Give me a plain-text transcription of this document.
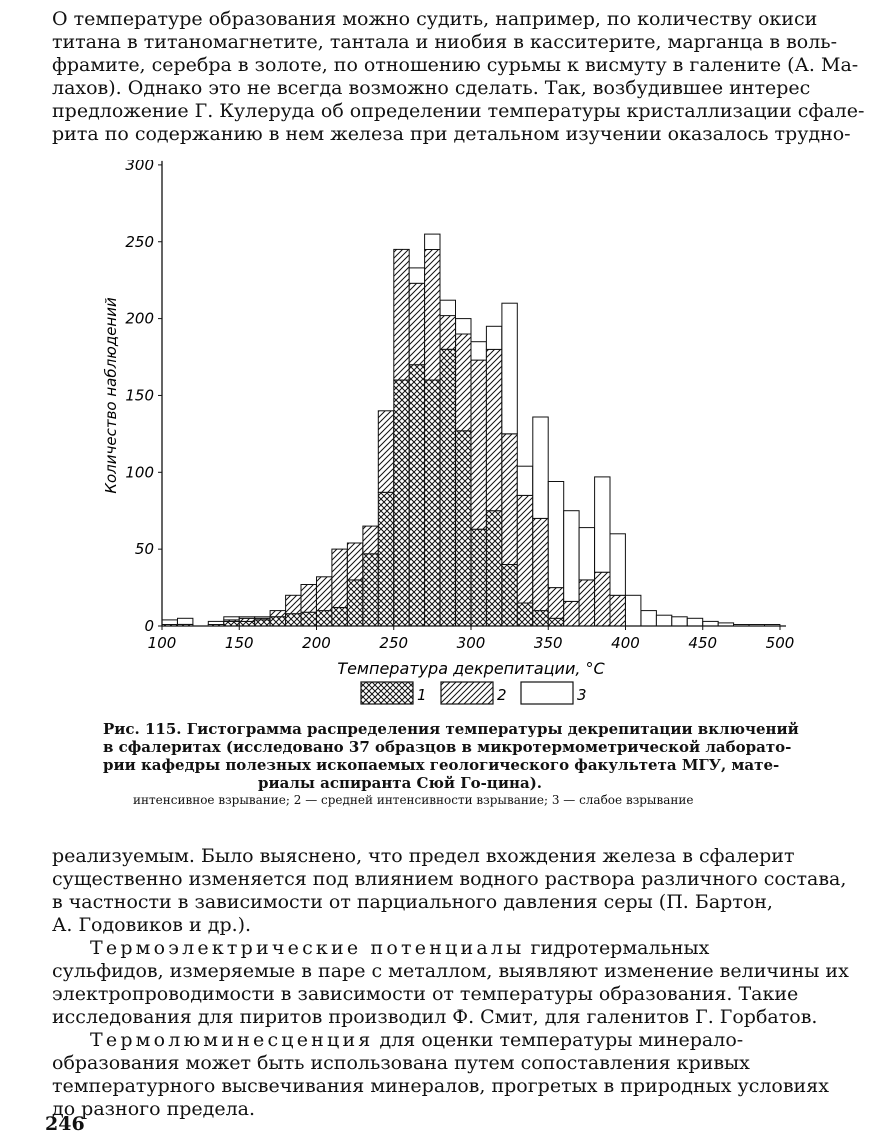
О температуре образования можно судить, например, по количеству окиси
титана в титаномагнетите, тантала и ниобия в касситерите, марганца в воль-
фрамите, серебра в золоте, по отношению сурьмы к висмуту в галените (А. Ма-
лахов). Однако это не всегда возможно сделать. Так, возбудившее интерес
предложение Г. Кулеруда об определении температуры кристаллизации сфале-
рита по содержанию в нем железа при детальном изучении оказалось трудно-
100	150	200	250	300	350	400	450	500
0
50
100
150
200
250
300
Температура декрепитации, °С
Количество наблюдений
1	2	3
Рис. 115. Гистограмма распределения температуры декрепитации включений
в сфалеритах (исследовано 37 образцов в микротермометрической лаборато-
рии кафедры полезных ископаемых геологического факультета МГУ, мате-
риалы аспиранта Сюй Го-цина).
интенсивное взрывание; 2 — средней интенсивности взрывание; 3 — слабое взрывание
реализуемым. Было выяснено, что предел вхождения железа в сфалерит
существенно изменяется под влиянием водного раствора различного состава,
в частности в зависимости от парциального давления серы (П. Бартон,
А. Годовиков и др.).
Термоэлектрические потенциалы гидротермальных
сульфидов, измеряемые в паре с металлом, выявляют изменение величины их
электропроводимости в зависимости от температуры образования. Такие
исследования для пиритов производил Ф. Смит, для галенитов Г. Горбатов.
Термолюминесценция для оценки температуры минерало-
образования может быть использована путем сопоставления кривых
температурного высвечивания минералов, прогретых в природных условиях
до разного предела.
246
